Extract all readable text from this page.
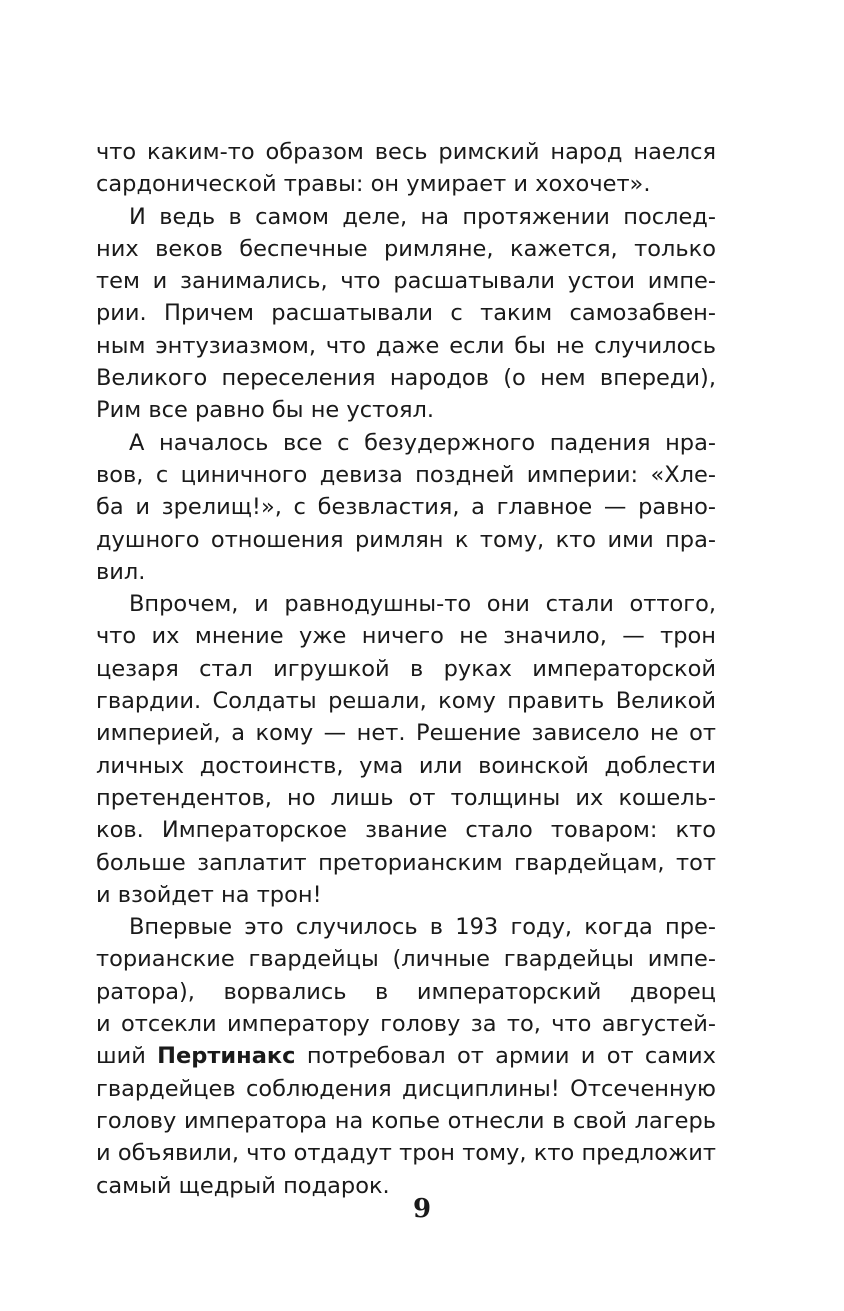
что каким-то образом весь римский народ наелся
сардонической травы: он умирает и хохочет».
И ведь в самом деле, на протяжении послед-
них веков беспечные римляне, кажется, только
тем и занимались, что расшатывали устои импе-
рии. Причем расшатывали с таким самозабвен-
ным энтузиазмом, что даже если бы не случилось
Великого переселения народов (о нем впереди),
Рим все равно бы не устоял.
А началось все с безудержного падения нра-
вов, с циничного девиза поздней империи: «Хле-
ба и зрелищ!», с безвластия, а главное — равно-
душного отношения римлян к тому, кто ими пра-
вил.
Впрочем, и равнодушны-то они стали оттого,
что их мнение уже ничего не значило, — трон
цезаря стал игрушкой в руках императорской
гвардии. Солдаты решали, кому править Великой
империей, а кому — нет. Решение зависело не от
личных достоинств, ума или воинской доблести
претендентов, но лишь от толщины их кошель-
ков. Императорское звание стало товаром: кто
больше заплатит преторианским гвардейцам, тот
и взойдет на трон!
Впервые это случилось в 193 году, когда пре-
торианские гвардейцы (личные гвардейцы импе-
ратора), ворвались в императорский дворец
и отсекли императору голову за то, что августей-
ший Пертинакс потребовал от армии и от самих
гвардейцев соблюдения дисциплины! Отсеченную
голову императора на копье отнесли в свой лагерь
и объявили, что отдадут трон тому, кто предложит
самый щедрый подарок.
9
